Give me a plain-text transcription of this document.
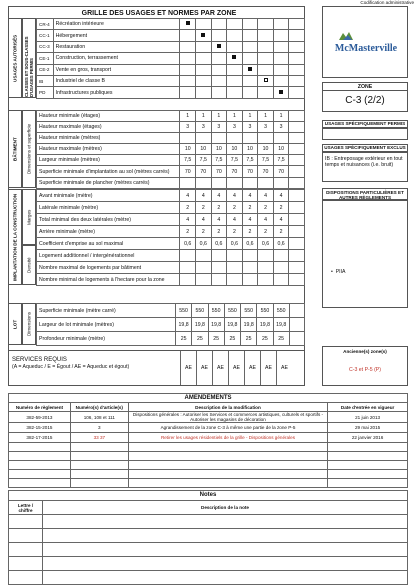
Codification administrative
GRILLE DES USAGES ET NORMES PAR ZONE
USAGES AUTORISÉS	CLASSES ET SOUS-CLASSES D'USAGES PERMIS
CR-4	Récréation intérieure								
CC-1	Hébergement								
CC-3	Restauration								
CE-1	Construction, terrassement								
CE-2	Vente en gros, transport								
IB	Industriel de classe B								
PD	Infrastructures publiques								
BÂTIMENT	Dimensions et superficie
Hauteur minimale (étages)	1	1	1	1	1	1	1	
Hauteur maximale (étages)	3	3	3	3	3	3	3	
Hauteur minimale (mètres)								
Hauteur maximale (mètres)	10	10	10	10	10	10	10	
Largeur minimale (mètres)	7,5	7,5	7,5	7,5	7,5	7,5	7,5	
Superficie minimale d'implantation au sol (mètres carrés)	70	70	70	70	70	70	70	
Superficie minimale de plancher (mètres carrés)								
IMPLANTATION DE LA CONSTRUCTION	Marges
Densité
Avant minimale (mètre)	4	4	4	4	4	4	4	
Latérale minimale (mètre)	2	2	2	2	2	2	2	
Total minimal des deux latérales (mètre)	4	4	4	4	4	4	4	
Arrière minimale (mètre)	2	2	2	2	2	2	2	
Coefficient d'emprise au sol maximal	0,6	0,6	0,6	0,6	0,6	0,6	0,6	
Logement additionnel / intergénérationnel								
Nombre maximal de logements par bâtiment								
Nombre minimal de logements à l'hectare pour la zone								
LOT	Dimensions
Superficie minimale (mètre carré)	550	550	550	550	550	550	550	
Largeur de lot minimale (mètres)	19,8	19,8	19,8	19,8	19,8	19,8	19,8	
Profondeur minimale (mètre)	25	25	25	25	25	25	25	
SERVICES REQUIS
(A = Aqueduc / E = Égout / AE = Aqueduc et égout)	AE	AE	AE	AE	AE	AE	AE
McMasterville
ZONE
C-3 (2/2)
USAGES SPÉCIFIQUEMENT PERMIS
USAGES SPÉCIFIQUEMENT EXCLUS
IB : Entreposage extérieur en tout temps et nuisances (i.e. bruit)
DISPOSITIONS PARTICULIÈRES ET AUTRES RÈGLEMENTS
•  PIIA
Ancienne(s) zone(s)
C-3 et P-5 (P)
AMENDEMENTS			
Numéro de règlement	Numéro(s) d'article(s)	Description de la modification	Date d'entrée en vigueur
382-59-2013	106, 108 et 111	Dispositions générales : Autoriser les Services et commerces artistiques, culturels et sportifs - Autoriser les magasins de décoration	21 juin 2013
382-15-2015	3	Agrandissement de la zone C-3 à même une partie de la zone P-5	29 mai 2015
382-17-2015	33 37	Retirer les usages résidentiels de la grille - Dispositions générales	22 janvier 2016

Notes	
Lettre / chiffre	Description de la note
